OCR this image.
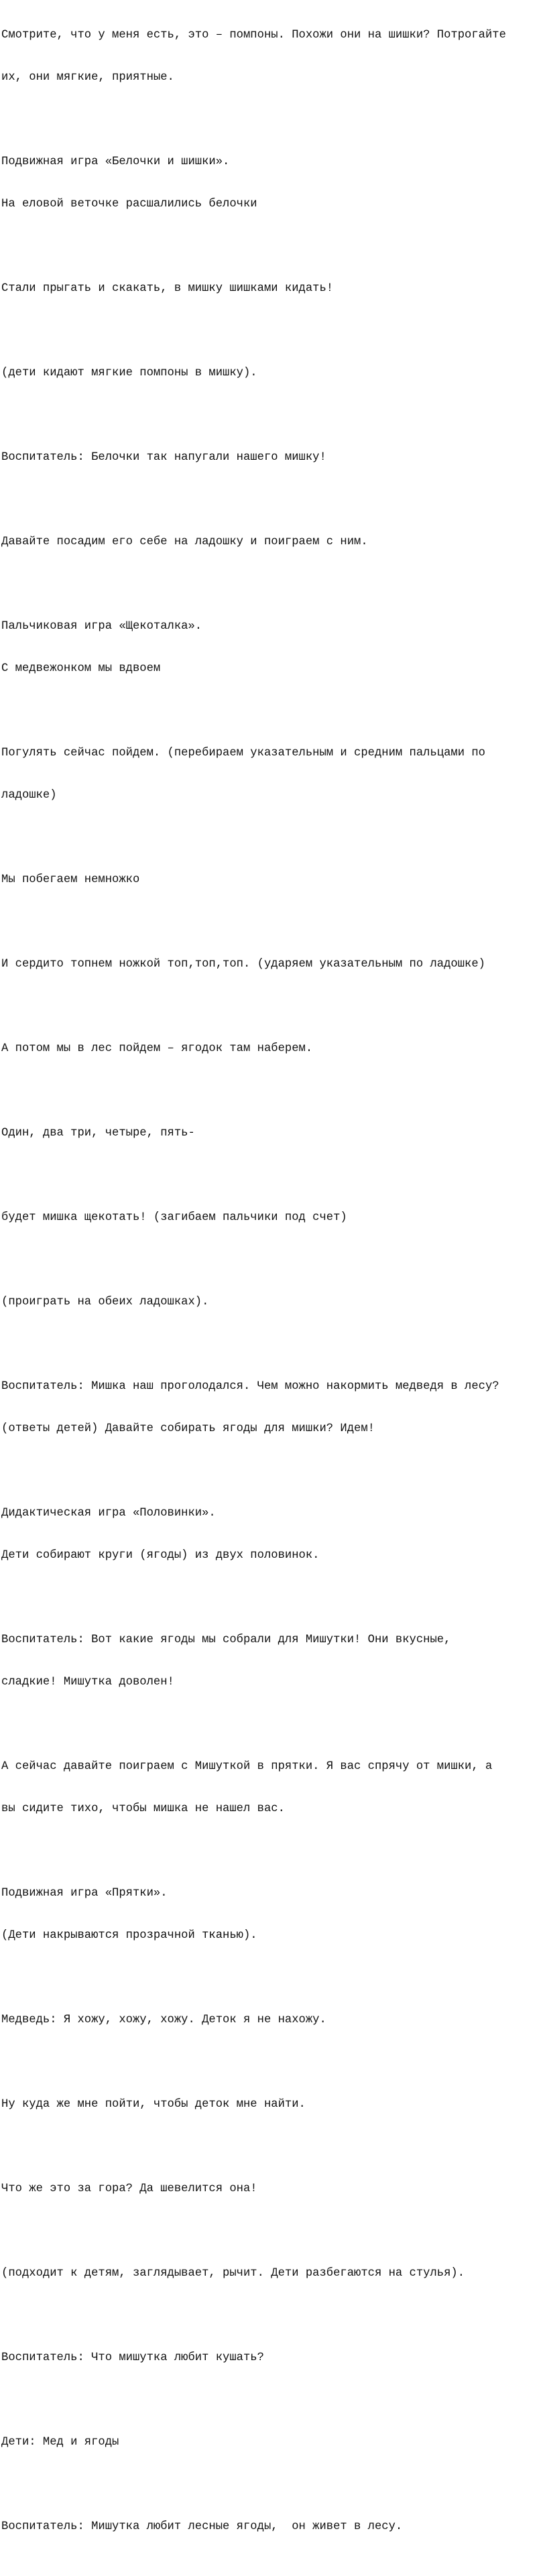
Смотрите, что у меня есть, это – помпоны. Похожи они на шишки? Потрогайте

их, они мягкие, приятные.

Подвижная игра «Белочки и шишки».

На еловой веточке расшалились белочки

Стали прыгать и скакать, в мишку шишками кидать!

(дети кидают мягкие помпоны в мишку).

Воспитатель: Белочки так напугали нашего мишку!

Давайте посадим его себе на ладошку и поиграем с ним.

Пальчиковая игра «Щекоталка».

С медвежонком мы вдвоем

Погулять сейчас пойдем. (перебираем указательным и средним пальцами по

ладошке)

Мы побегаем немножко

И сердито топнем ножкой топ,топ,топ. (ударяем указательным по ладошке)

А потом мы в лес пойдем – ягодок там наберем.

Один, два три, четыре, пять-

будет мишка щекотать! (загибаем пальчики под счет)

(проиграть на обеих ладошках).

Воспитатель: Мишка наш проголодался. Чем можно накормить медведя в лесу?

(ответы детей) Давайте собирать ягоды для мишки? Идем!

Дидактическая игра «Половинки».

Дети собирают круги (ягоды) из двух половинок.

Воспитатель: Вот какие ягоды мы собрали для Мишутки! Они вкусные,

сладкие! Мишутка доволен!

А сейчас давайте поиграем с Мишуткой в прятки. Я вас спрячу от мишки, а

вы сидите тихо, чтобы мишка не нашел вас.

Подвижная игра «Прятки».

(Дети накрываются прозрачной тканью).

Медведь: Я хожу, хожу, хожу. Деток я не нахожу.

Ну куда же мне пойти, чтобы деток мне найти.

Что же это за гора? Да шевелится она!

(подходит к детям, заглядывает, рычит. Дети разбегаются на стулья).

Воспитатель: Что мишутка любит кушать?

Дети: Мед и ягоды

Воспитатель: Мишутка любит лесные ягоды,  он живет в лесу.
